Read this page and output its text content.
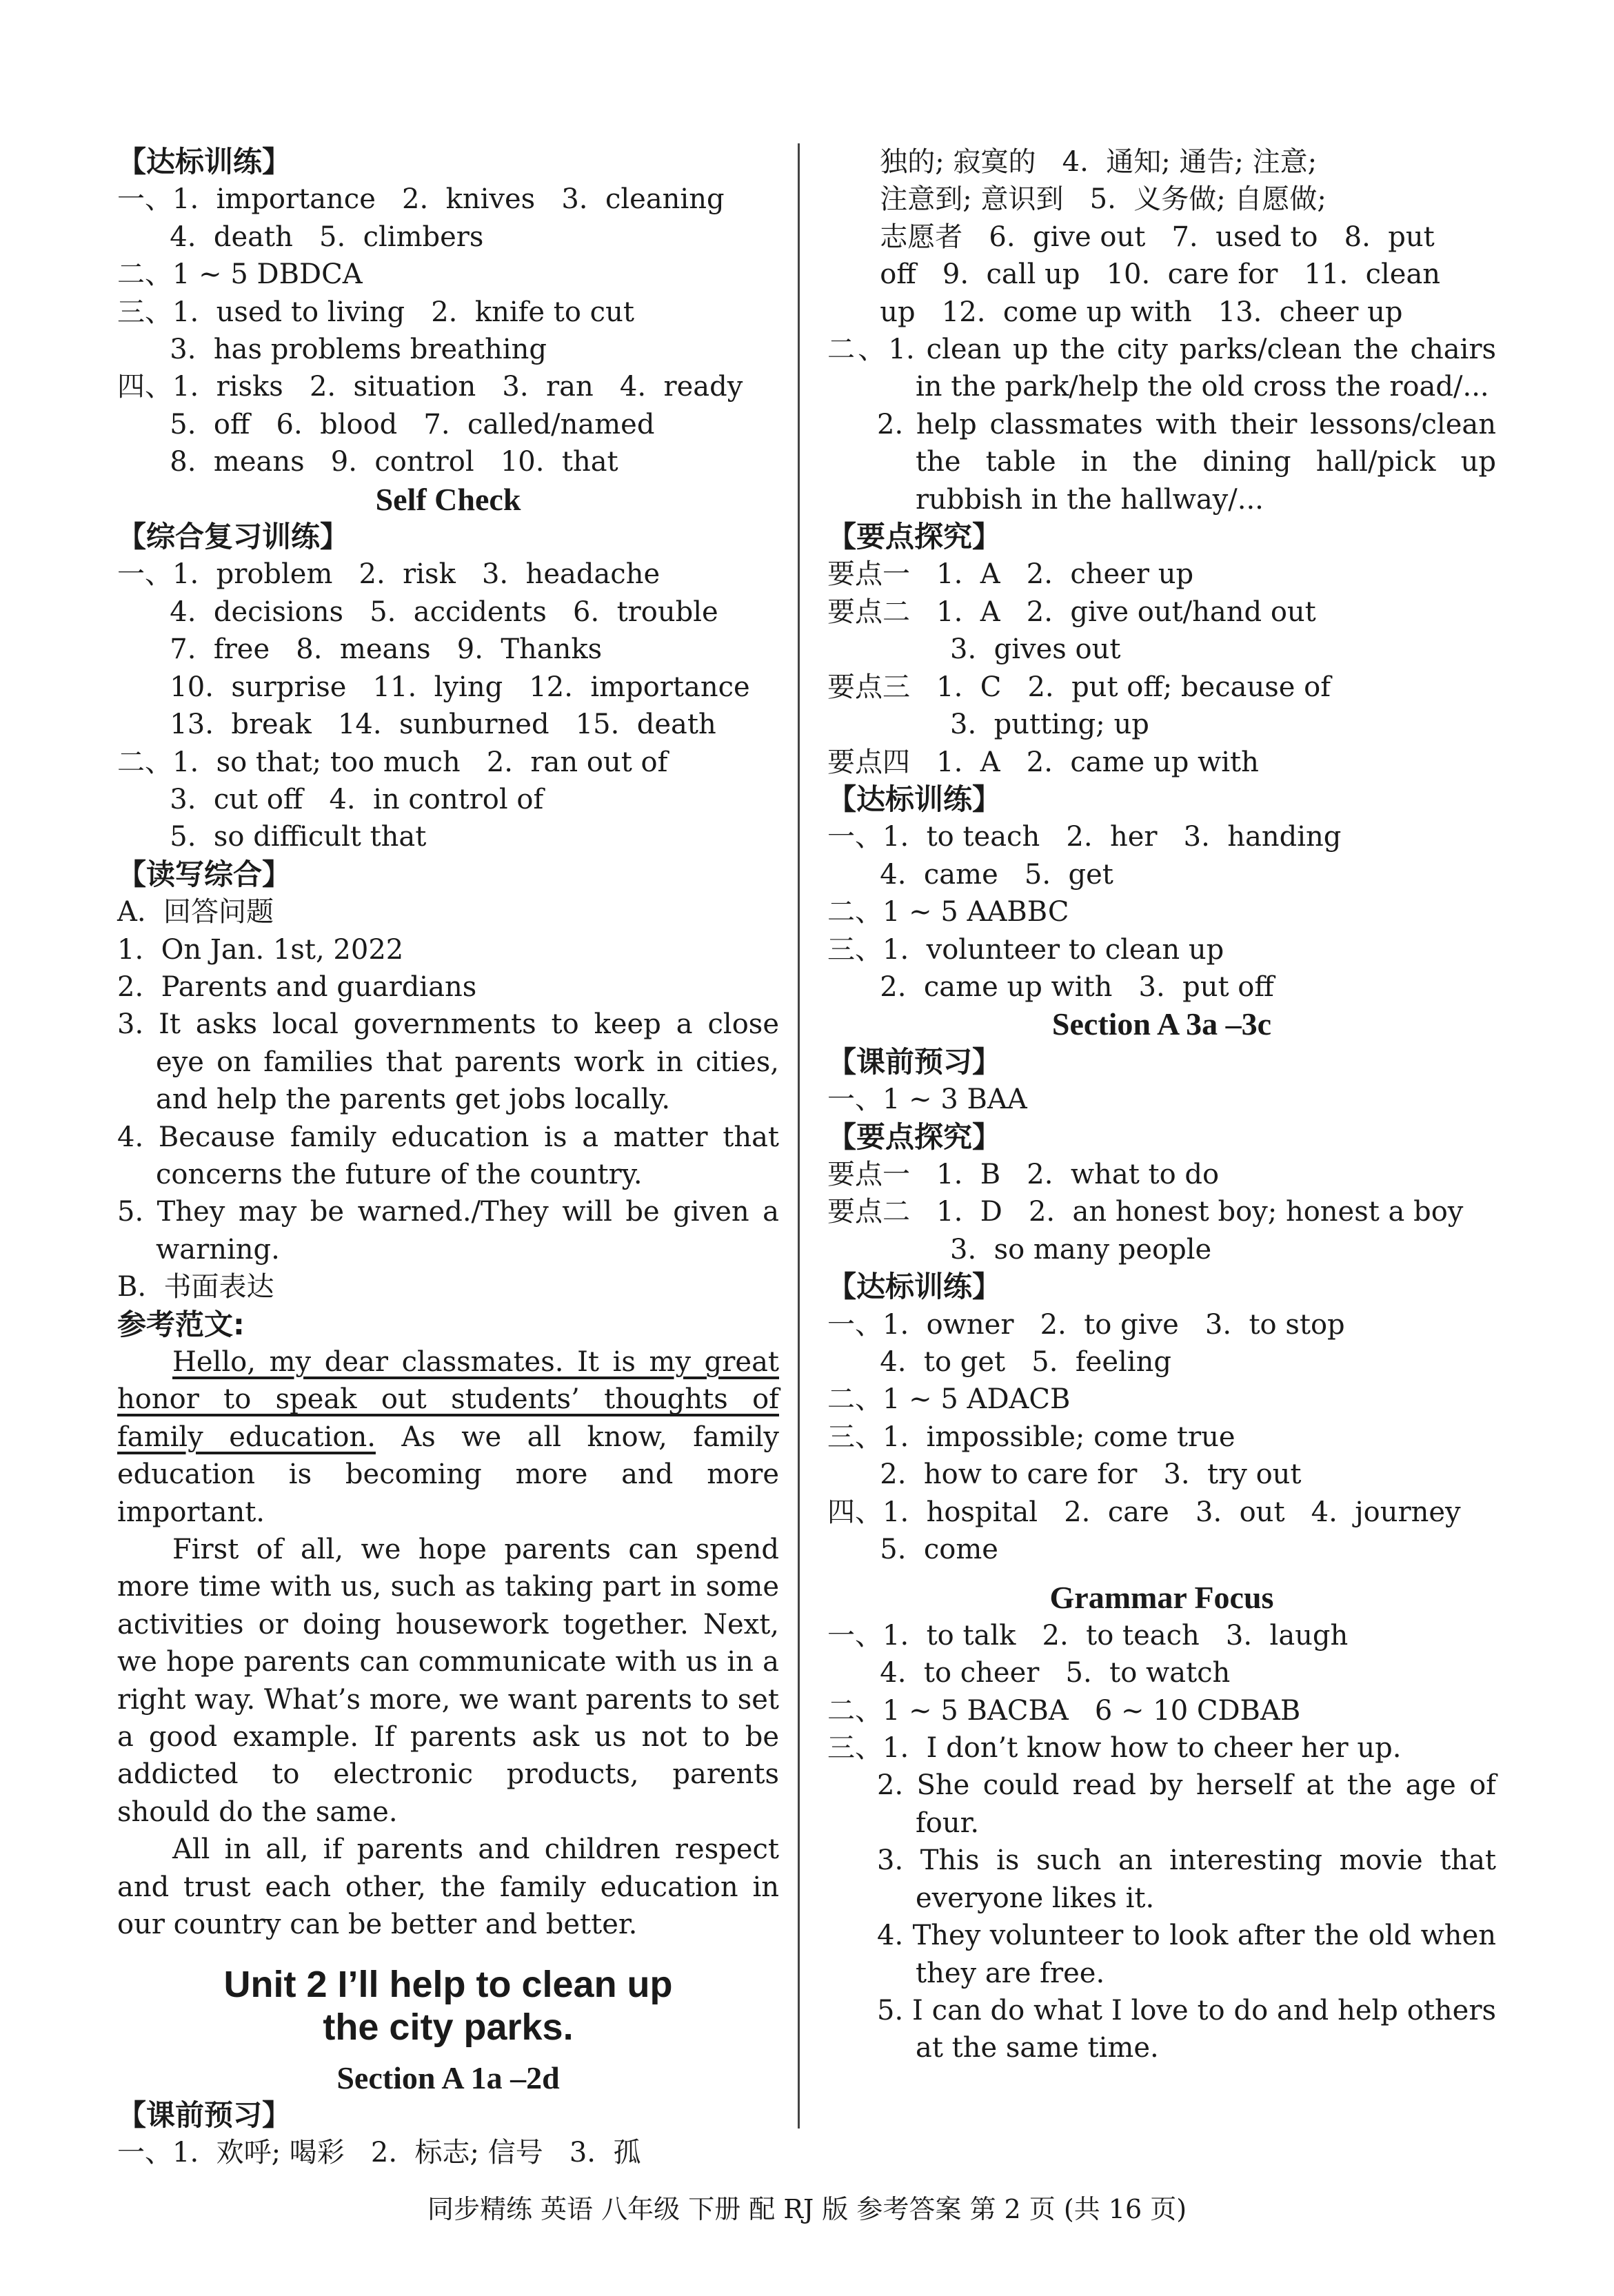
【达标训练】

一、1.  importance   2.  knives   3.  cleaning

4.  death   5.  climbers

二、1 ~ 5 DBDCA

三、1.  used to living   2.  knife to cut

3.  has problems breathing

四、1.  risks   2.  situation   3.  ran   4.  ready

5.  off   6.  blood   7.  called/named

8.  means   9.  control   10.  that

Self Check

【综合复习训练】

一、1.  problem   2.  risk   3.  headache

4.  decisions   5.  accidents   6.  trouble

7.  free   8.  means   9.  Thanks

10.  surprise   11.  lying   12.  importance

13.  break   14.  sunburned   15.  death

二、1.  so that; too much   2.  ran out of

3.  cut off   4.  in control of

5.  so difficult that

【读写综合】

A.  回答问题

1.  On Jan. 1st, 2022

2.  Parents and guardians

3. It asks local governments to keep a close eye on families that parents work in cities, and help the parents get jobs locally.

4. Because family education is a matter that concerns the future of the country.

5. They may be warned./They will be given a warning.

B.  书面表达

参考范文:

Hello, my dear classmates. It is my great honor to speak out students’ thoughts of family education. As we all know, family education is becoming more and more important.

First of all, we hope parents can spend more time with us, such as taking part in some activities or doing housework together. Next, we hope parents can communicate with us in a right way. What’s more, we want parents to set a good example. If parents ask us not to be addicted to electronic products, parents should do the same.

All in all, if parents and children respect and trust each other, the family education in our country can be better and better.

Unit 2 I’ll help to clean up

the city parks.

Section A 1a –2d

【课前预习】

一、1.  欢呼; 喝彩   2.  标志; 信号   3.  孤

独的; 寂寞的   4.  通知; 通告; 注意;

注意到; 意识到   5.  义务做; 自愿做;

志愿者   6.  give out   7.  used to   8.  put

off   9.  call up   10.  care for   11.  clean

up   12.  come up with   13.  cheer up

二、1. clean up the city parks/clean the chairs in the park/help the old cross the road/...

2. help classmates with their lessons/clean the table in the dining hall/pick up rubbish in the hallway/...

【要点探究】

要点一   1.  A   2.  cheer up

要点二   1.  A   2.  give out/hand out

3.  gives out

要点三   1.  C   2.  put off; because of

3.  putting; up

要点四   1.  A   2.  came up with

【达标训练】

一、1.  to teach   2.  her   3.  handing

4.  came   5.  get

二、1 ~ 5 AABBC

三、1.  volunteer to clean up

2.  came up with   3.  put off

Section A 3a –3c

【课前预习】

一、1 ~ 3 BAA

【要点探究】

要点一   1.  B   2.  what to do

要点二   1.  D   2.  an honest boy; honest a boy

3.  so many people

【达标训练】

一、1.  owner   2.  to give   3.  to stop

4.  to get   5.  feeling

二、1 ~ 5 ADACB

三、1.  impossible; come true

2.  how to care for   3.  try out

四、1.  hospital   2.  care   3.  out   4.  journey

5.  come

Grammar Focus

一、1.  to talk   2.  to teach   3.  laugh

4.  to cheer   5.  to watch

二、1 ~ 5 BACBA   6 ~ 10 CDBAB

三、1.  I don’t know how to cheer her up.

2. She could read by herself at the age of four.

3. This is such an interesting movie that everyone likes it.

4. They volunteer to look after the old when they are free.

5. I can do what I love to do and help others at the same time.

同步精练 英语 八年级 下册 配 RJ 版 参考答案 第 2 页 (共 16 页)
